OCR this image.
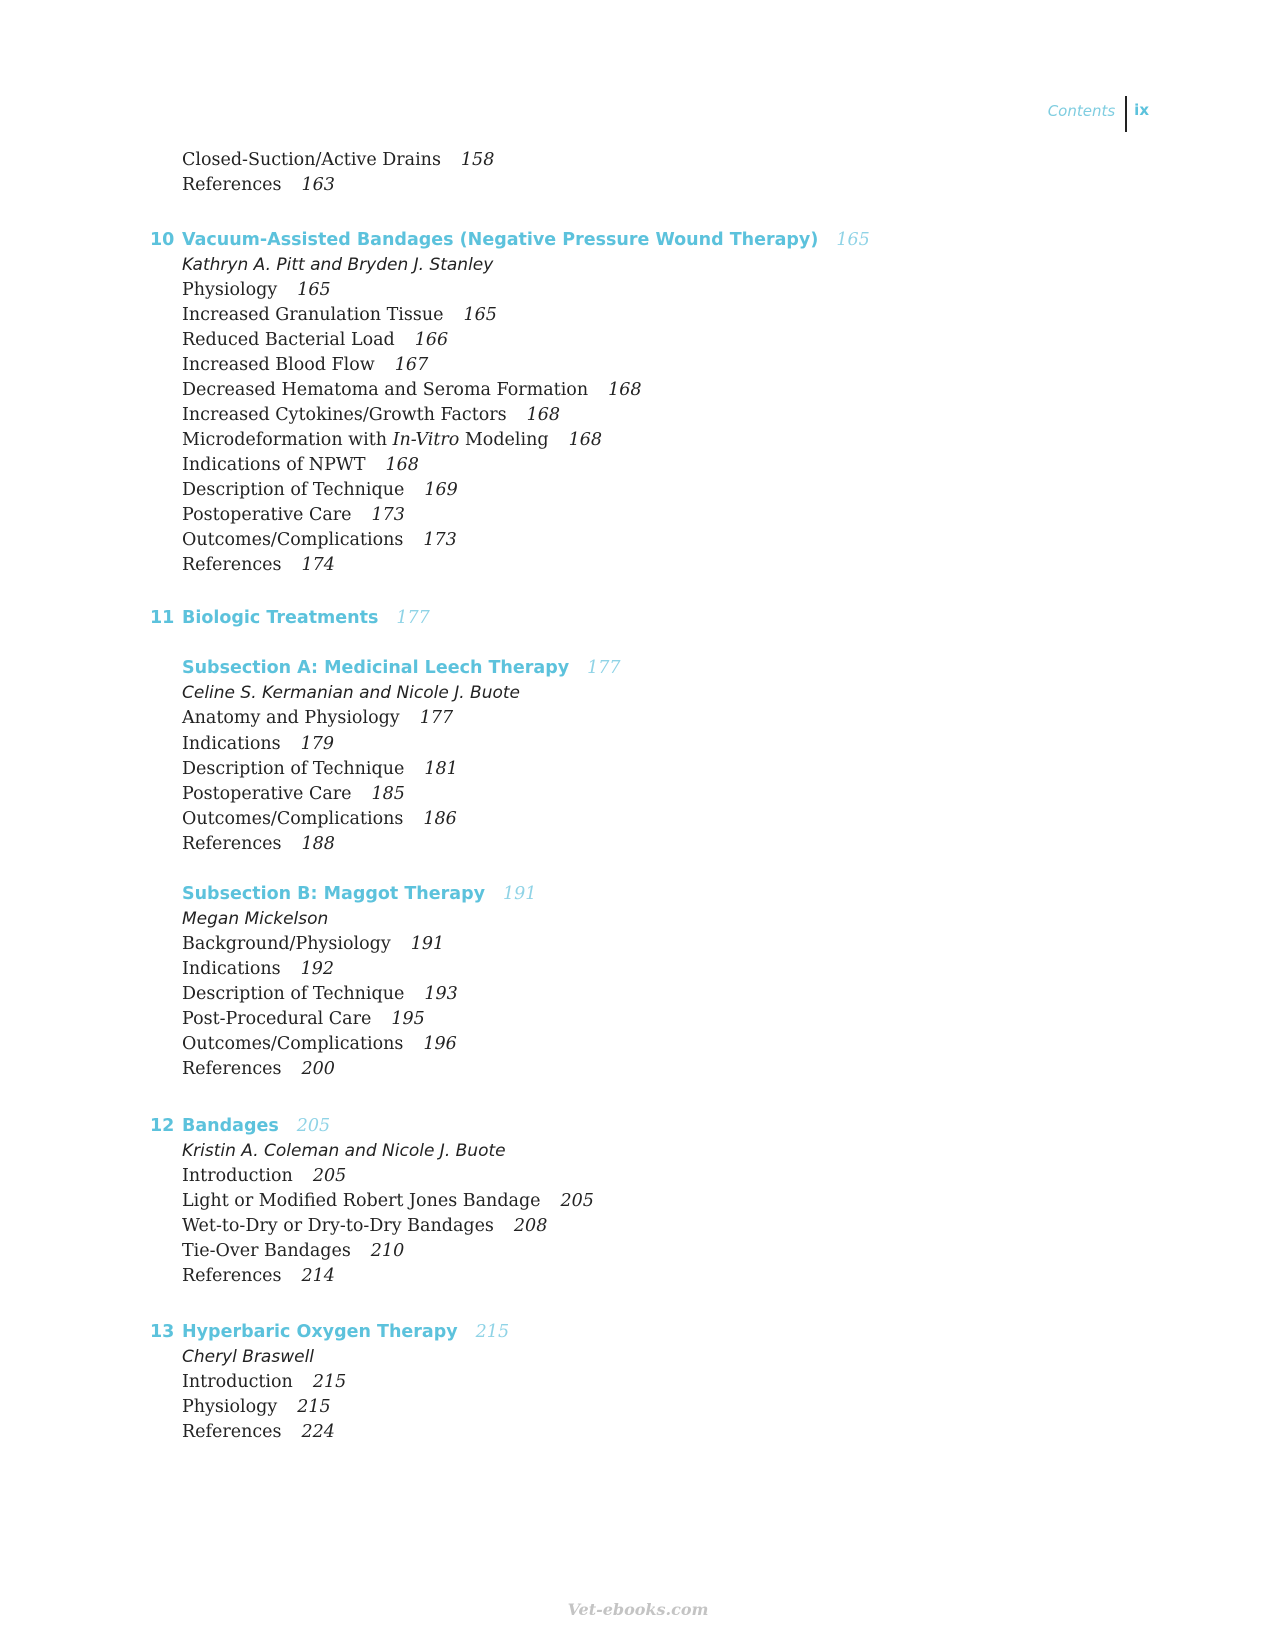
Contents ix
Closed-Suction/Active Drains 158
References 163
10 Vacuum-Assisted Bandages (Negative Pressure Wound Therapy) 165
Kathryn A. Pitt and Bryden J. Stanley
Physiology 165
Increased Granulation Tissue 165
Reduced Bacterial Load 166
Increased Blood Flow 167
Decreased Hematoma and Seroma Formation 168
Increased Cytokines/Growth Factors 168
Microdeformation with In-Vitro Modeling 168
Indications of NPWT 168
Description of Technique 169
Postoperative Care 173
Outcomes/Complications 173
References 174
11 Biologic Treatments 177
Subsection A: Medicinal Leech Therapy 177
Celine S. Kermanian and Nicole J. Buote
Anatomy and Physiology 177
Indications 179
Description of Technique 181
Postoperative Care 185
Outcomes/Complications 186
References 188
Subsection B: Maggot Therapy 191
Megan Mickelson
Background/Physiology 191
Indications 192
Description of Technique 193
Post-Procedural Care 195
Outcomes/Complications 196
References 200
12 Bandages 205
Kristin A. Coleman and Nicole J. Buote
Introduction 205
Light or Modified Robert Jones Bandage 205
Wet-to-Dry or Dry-to-Dry Bandages 208
Tie-Over Bandages 210
References 214
13 Hyperbaric Oxygen Therapy 215
Cheryl Braswell
Introduction 215
Physiology 215
References 224
Vet-ebooks.com
